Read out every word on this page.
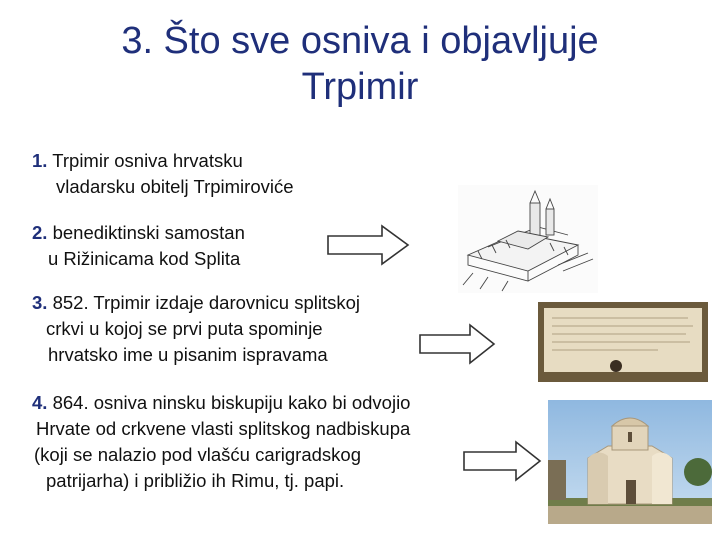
3. Što sve osniva i objavljuje
Trpimir
1. Trpimir osniva hrvatsku
vladarsku obitelj Trpimiroviće
2. benediktinski samostan
u Rižinicama kod Splita
3. 852. Trpimir izdaje darovnicu splitskoj
crkvi u kojoj se prvi puta spominje
hrvatsko ime u pisanim ispravama
4. 864. osniva ninsku biskupiju kako bi odvojio
Hrvate od crkvene vlasti splitskog nadbiskupa
(koji se nalazio pod vlašću carigradskog
patrijarha) i približio ih Rimu, tj. papi.
